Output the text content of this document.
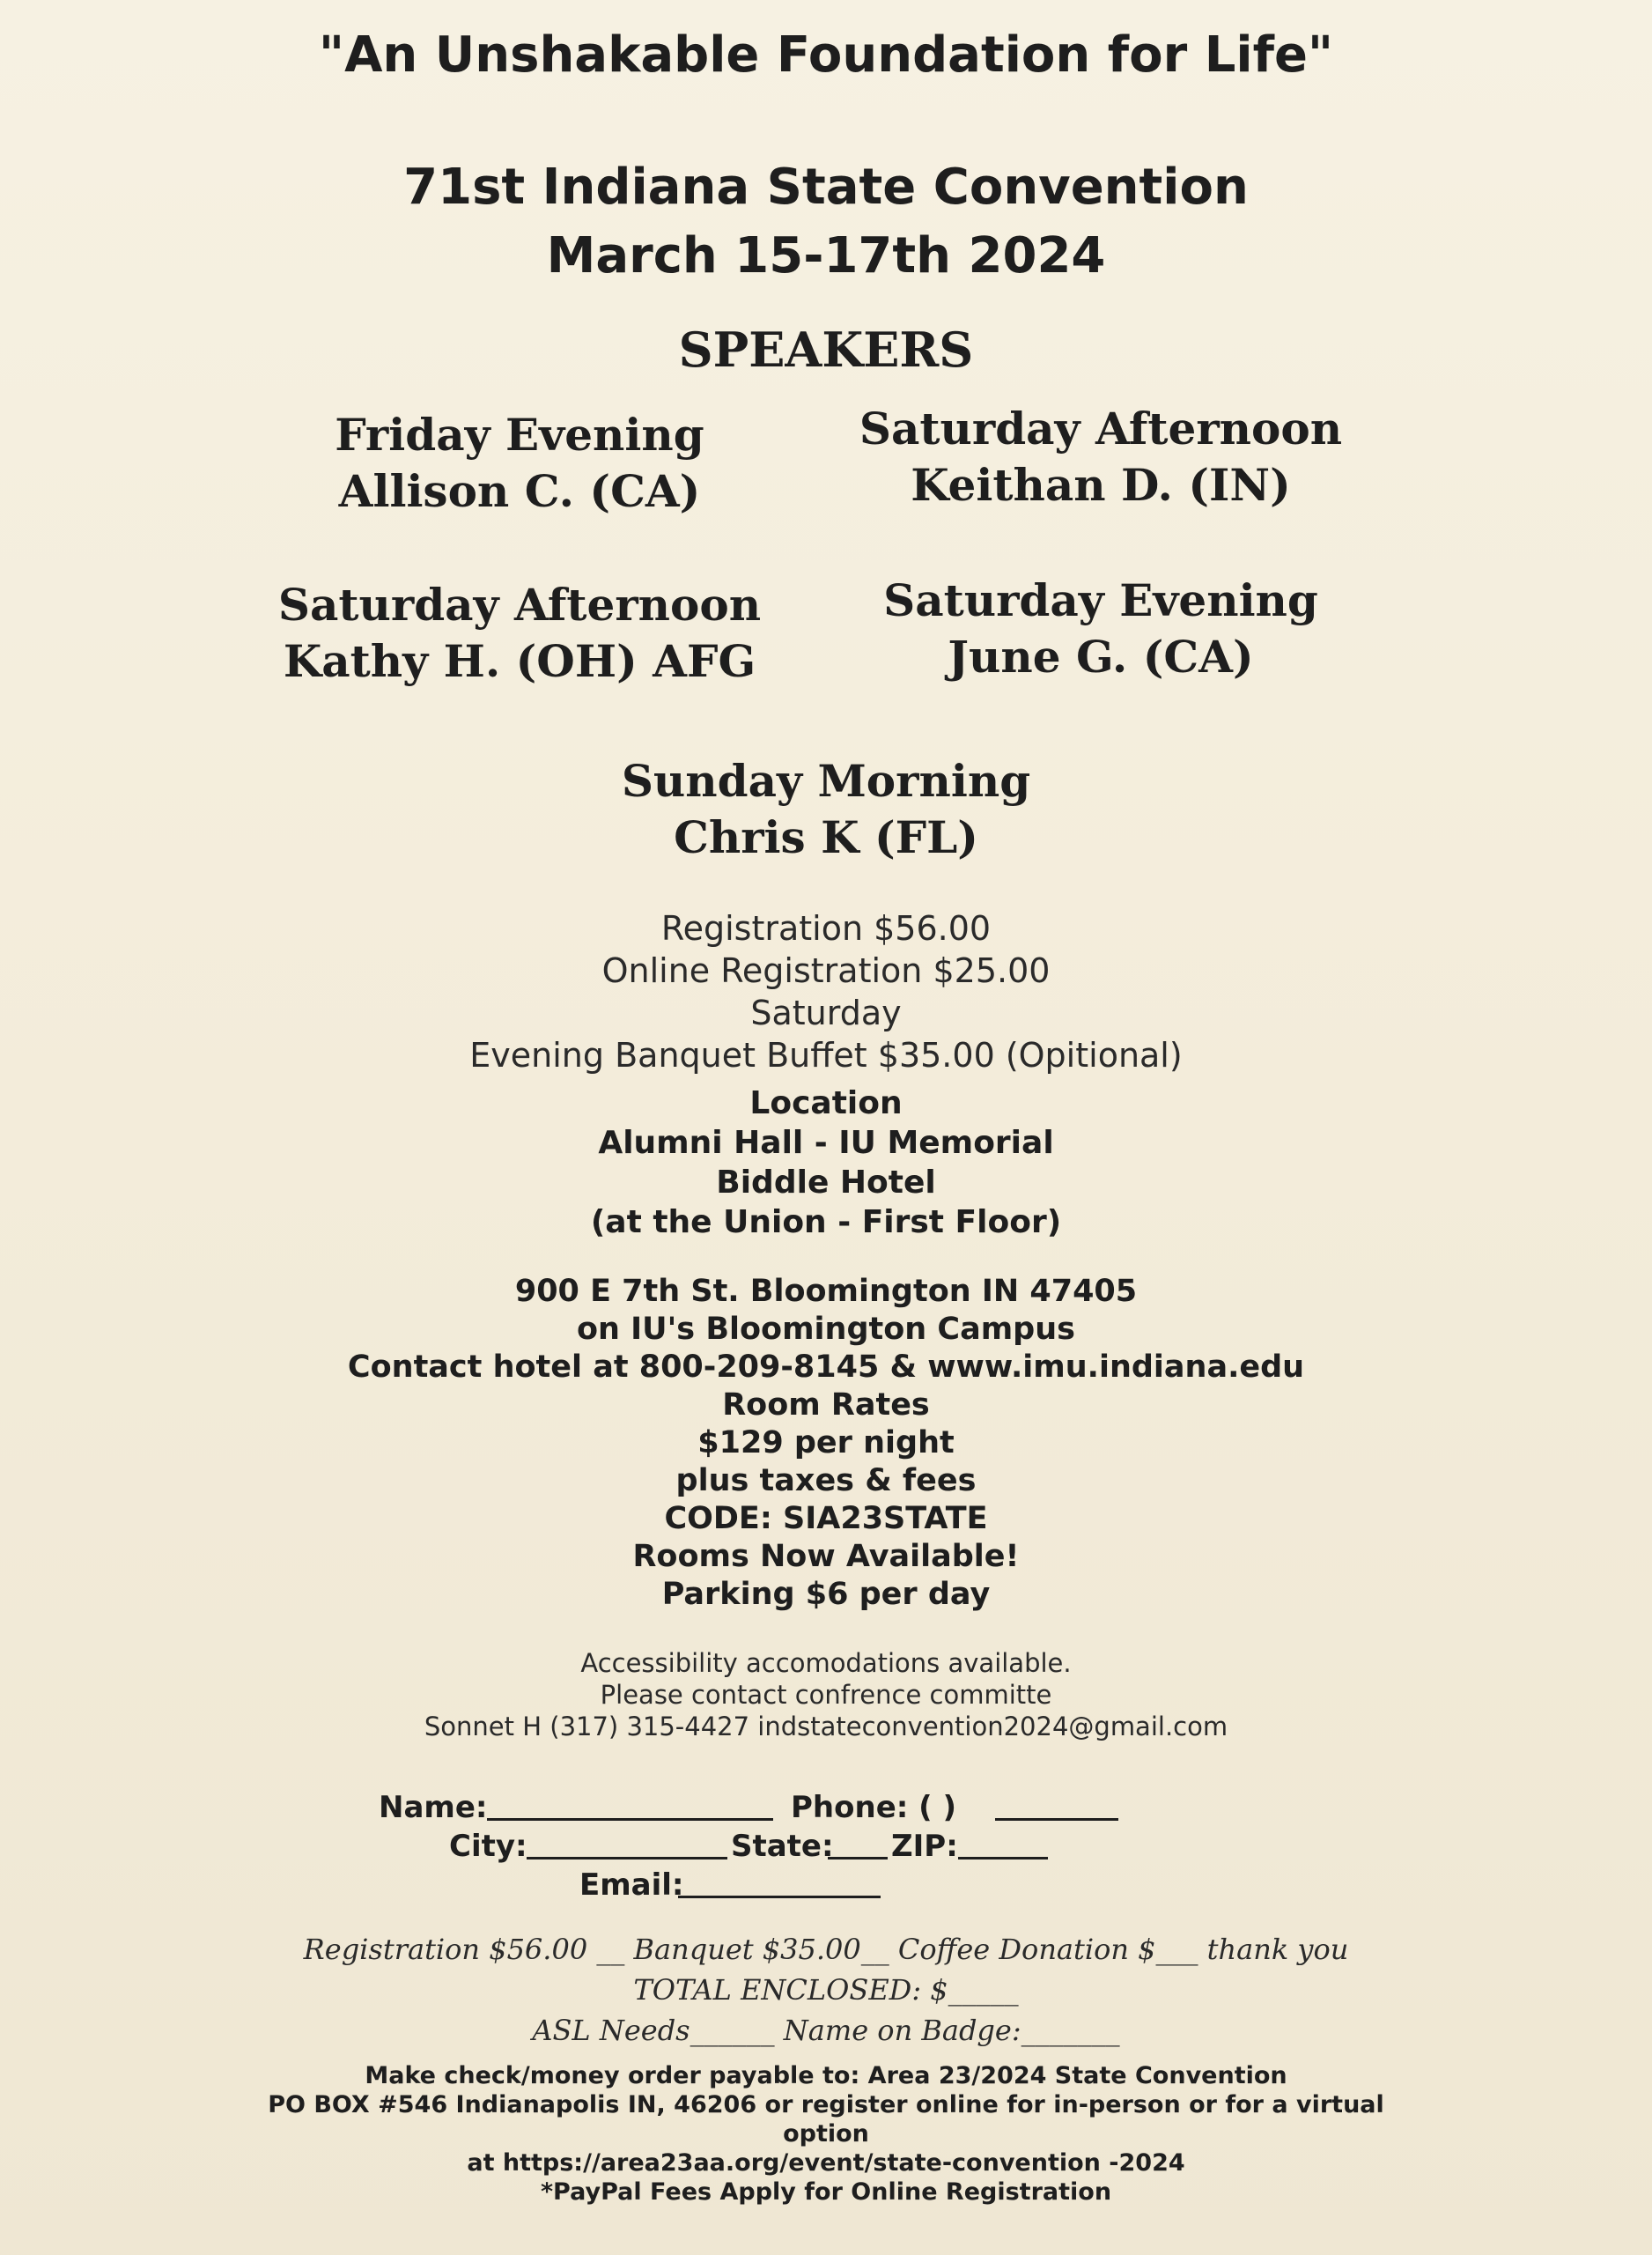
"An Unshakable Foundation for Life"
71st Indiana State Convention
March 15-17th 2024
SPEAKERS
Friday Evening
Allison C. (CA)
Saturday Afternoon
Keithan D. (IN)
Saturday Afternoon
Kathy H. (OH) AFG
Saturday Evening
June G. (CA)
Sunday Morning
Chris K (FL)
Registration $56.00
Online Registration $25.00
Saturday
Evening Banquet Buffet $35.00 (Opitional)
Location
Alumni Hall - IU Memorial
Biddle Hotel
(at the Union - First Floor)
900 E 7th St. Bloomington IN 47405
on IU's Bloomington Campus
Contact hotel at 800-209-8145 & www.imu.indiana.edu
Room Rates
$129 per night
plus taxes & fees
CODE: SIA23STATE
Rooms Now Available!
Parking $6 per day
Accessibility accomodations available.
Please contact confrence committe
Sonnet H (317) 315-4427 indstateconvention2024@gmail.com
Name:	Phone: ( )
City:	State: ZIP:
Email:
Registration $56.00 __ Banquet $35.00__ Coffee Donation $___ thank you
TOTAL ENCLOSED: $_____
ASL Needs______ Name on Badge:_______
Make check/money order payable to: Area 23/2024 State Convention
PO BOX #546 Indianapolis IN, 46206 or register online for in-person or for a virtual
option
at https://area23aa.org/event/state-convention -2024
*PayPal Fees Apply for Online Registration
